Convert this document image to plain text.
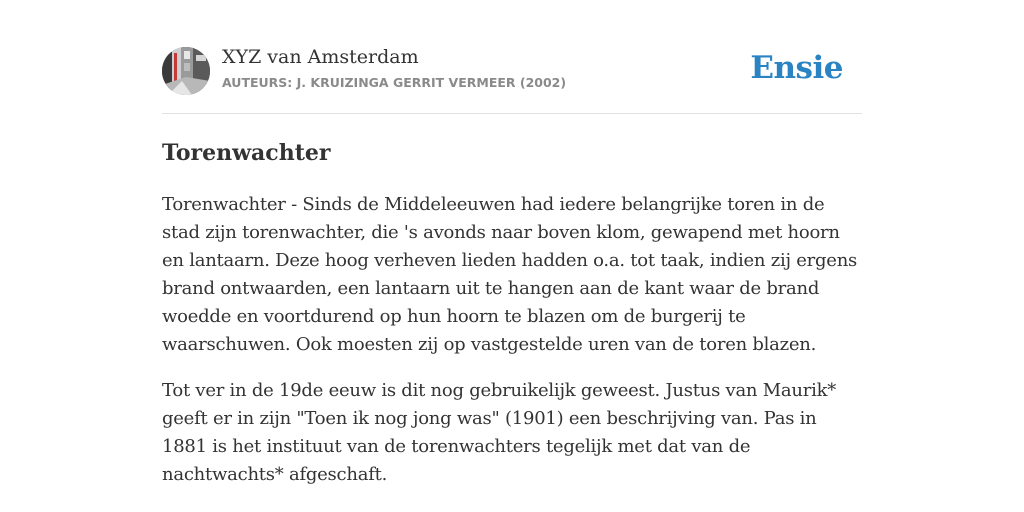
XYZ van Amsterdam
AUTEURS: J. KRUIZINGA GERRIT VERMEER (2002)	Ensie
Torenwachter

Torenwachter - Sinds de Middeleeuwen had iedere belangrijke toren in de stad zijn torenwachter, die 's avonds naar boven klom, gewapend met hoorn en lantaarn. Deze hoog verheven lieden hadden o.a. tot taak, indien zij ergens brand ontwaarden, een lantaarn uit te hangen aan de kant waar de brand woedde en voortdurend op hun hoorn te blazen om de burgerij te waarschuwen. Ook moesten zij op vastgestelde uren van de toren blazen.

Tot ver in de 19de eeuw is dit nog gebruikelijk geweest. Justus van Maurik* geeft er in zijn "Toen ik nog jong was" (1901) een beschrijving van. Pas in 1881 is het instituut van de torenwachters tegelijk met dat van de nachtwachts* afgeschaft.
